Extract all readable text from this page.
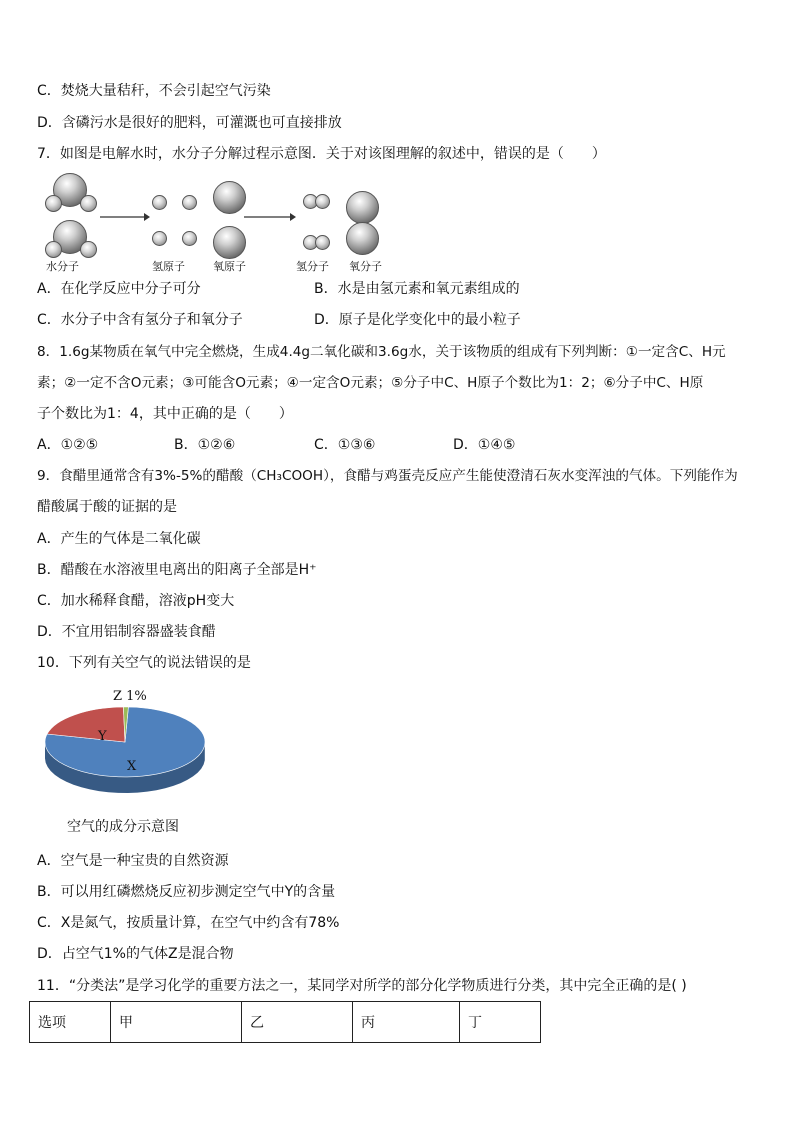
C．焚烧大量秸秆，不会引起空气污染
D．含磷污水是很好的肥料，可灌溉也可直接排放
7．如图是电解水时，水分子分解过程示意图．关于对该图理解的叙述中，错误的是（　　）
水分子	氢原子	氧原子	氢分子 氧分子
A．在化学反应中分子可分	B．水是由氢元素和氧元素组成的
C．水分子中含有氢分子和氧分子	D．原子是化学变化中的最小粒子
8．1.6g某物质在氧气中完全燃烧，生成4.4g二氧化碳和3.6g水，关于该物质的组成有下列判断：①一定含C、H元
素；②一定不含O元素；③可能含O元素；④一定含O元素；⑤分子中C、H原子个数比为1：2；⑥分子中C、H原
子个数比为1：4，其中正确的是（　　）
A．①②⑤	B．①②⑥	C．①③⑥	D．①④⑤
9．食醋里通常含有3%-5%的醋酸（CH₃COOH），食醋与鸡蛋壳反应产生能使澄清石灰水变浑浊的气体。下列能作为
醋酸属于酸的证据的是
A．产生的气体是二氧化碳
B．醋酸在水溶液里电离出的阳离子全部是H⁺
C．加水稀释食醋，溶液pH变大
D．不宜用铝制容器盛装食醋
10．下列有关空气的说法错误的是
X
Y
Z 1%
空气的成分示意图
A．空气是一种宝贵的自然资源
B．可以用红磷燃烧反应初步测定空气中Y的含量
C．X是氮气，按质量计算，在空气中约含有78%
D．占空气1%的气体Z是混合物
11．“分类法”是学习化学的重要方法之一，某同学对所学的部分化学物质进行分类，其中完全正确的是( )
选项	甲	乙	丙	丁
